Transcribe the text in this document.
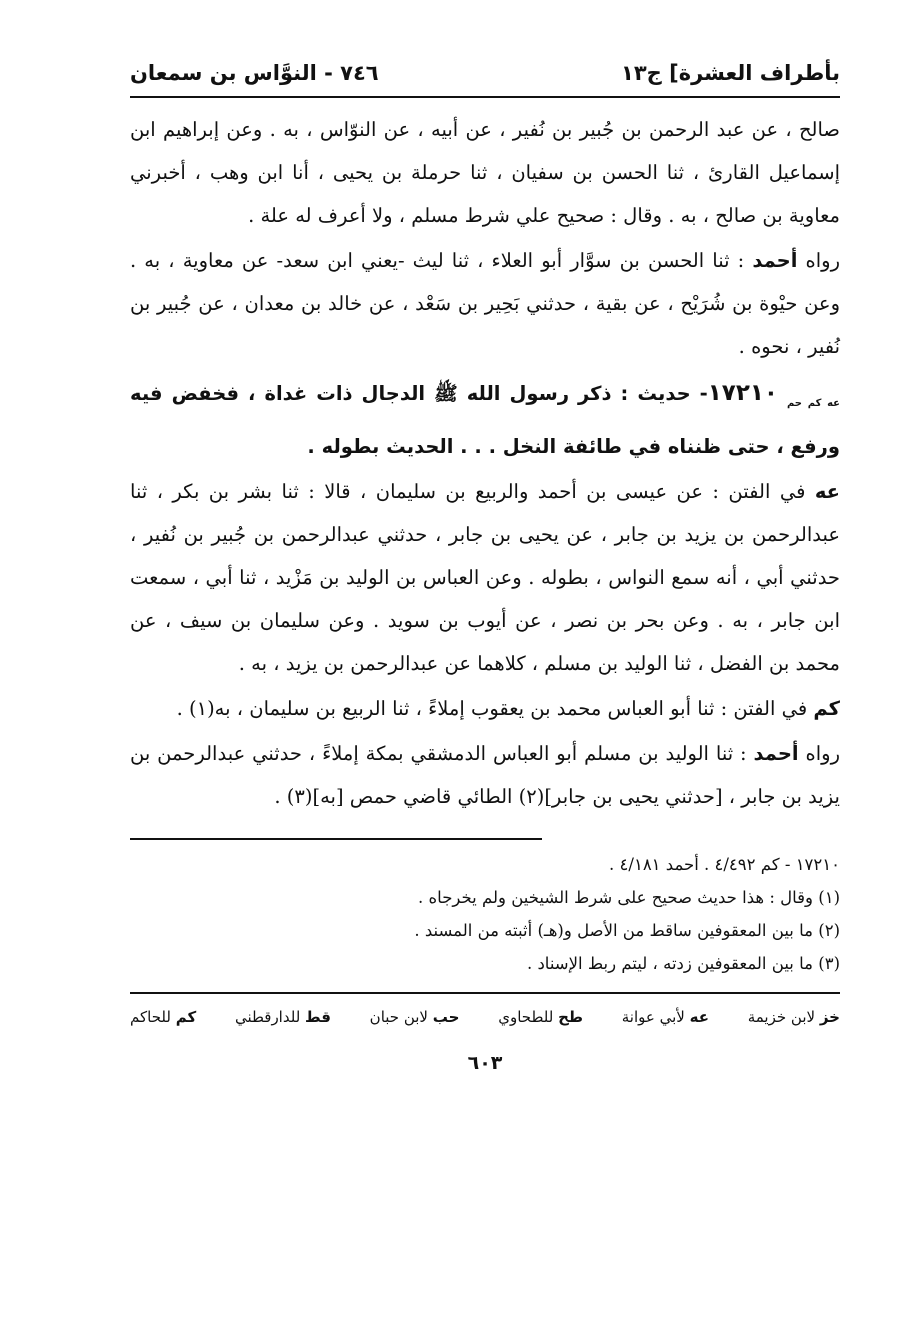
بأطراف العشرة] ج١٣
٧٤٦ - النوَّاس بن سمعان

صالح ، عن عبد الرحمن بن جُبير بن نُفير ، عن أبيه ، عن النوّاس ، به . وعن إبراهيم ابن إسماعيل القارئ ، ثنا الحسن بن سفيان ، ثنا حرملة بن يحيى ، أنا ابن وهب ، أخبرني معاوية بن صالح ، به . وقال : صحيح علي شرط مسلم ، ولا أعرف له علة .

رواه أحمد : ثنا الحسن بن سوَّار أبو العلاء ، ثنا ليث -يعني ابن سعد- عن معاوية ، به . وعن حيْوة بن شُرَيْح ، عن بقية ، حدثني بَحِير بن سَعْد ، عن خالد بن معدان ، عن جُبير بن نُفير ، نحوه .

$_{عه كم حم}$ ١٧٢١٠- حديث : ذكر رسول الله ﷺ الدجال ذات غداة ، فخفض فيه ورفع ، حتى ظنناه في طائفة النخل . . . الحديث بطوله .

عه في الفتن : عن عيسى بن أحمد والربيع بن سليمان ، قالا : ثنا بشر بن بكر ، ثنا عبدالرحمن بن يزيد بن جابر ، عن يحيى بن جابر ، حدثني عبدالرحمن بن جُبير بن نُفير ، حدثني أبي ، أنه سمع النواس ، بطوله . وعن العباس بن الوليد بن مَزْيد ، ثنا أبي ، سمعت ابن جابر ، به . وعن بحر بن نصر ، عن أيوب بن سويد . وعن سليمان بن سيف ، عن محمد بن الفضل ، ثنا الوليد بن مسلم ، كلاهما عن عبدالرحمن بن يزيد ، به .

كم في الفتن : ثنا أبو العباس محمد بن يعقوب إملاءً ، ثنا الربيع بن سليمان ، به(١) .

رواه أحمد : ثنا الوليد بن مسلم أبو العباس الدمشقي بمكة إملاءً ، حدثني عبدالرحمن بن يزيد بن جابر ، [حدثني يحيى بن جابر](٢) الطائي قاضي حمص [به](٣) .

١٧٢١٠ - كم ٤/٤٩٢ . أحمد ٤/١٨١ .
(١) وقال : هذا حديث صحيح على شرط الشيخين ولم يخرجاه .
(٢) ما بين المعقوفين ساقط من الأصل و(هـ) أثبته من المسند .
(٣) ما بين المعقوفين زدته ، ليتم ربط الإسناد .
خز لابن خزيمة
عه لأبي عوانة
طح للطحاوي
حب لابن حبان
قط للدارقطني
كم للحاكم
٦٠٣
